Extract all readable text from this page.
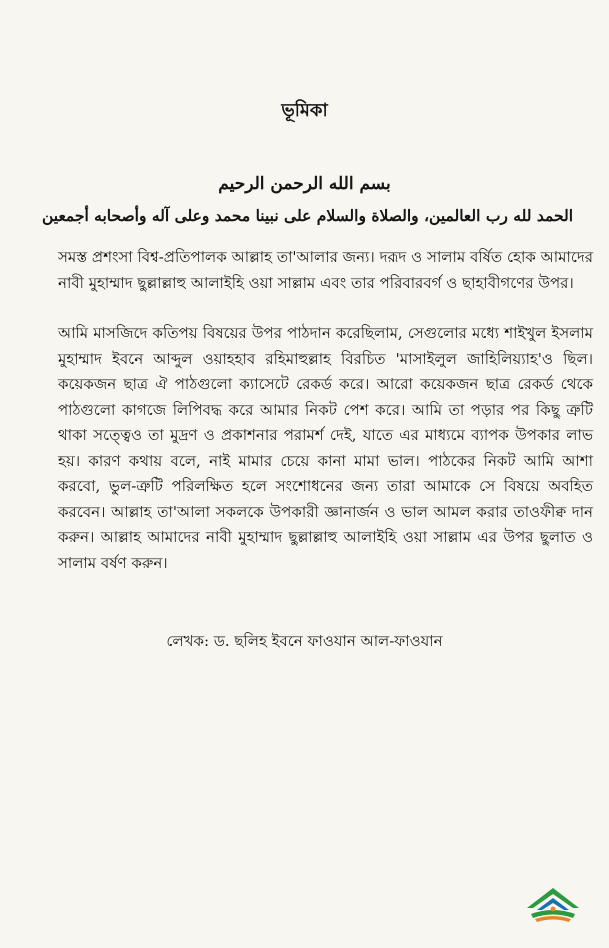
ভূমিকা
بسم الله الرحمن الرحيم
الحمد لله رب العالمين، والصلاة والسلام على نبينا محمد وعلى آله وأصحابه أجمعين
সমস্ত প্রশংসা বিশ্ব-প্রতিপালক আল্লাহ তা'আলার জন্য। দরূদ ও সালাম বর্ষিত হোক আমাদের নাবী মুহাম্মাদ ছুল্লাল্লাহু আলাইহি ওয়া সাল্লাম এবং তার পরিবারবর্গ ও ছাহাবীগণের উপর।
আমি মাসজিদে কতিপয় বিষয়ের উপর পাঠদান করেছিলাম, সেগুলোর মধ্যে শাইখুল ইসলাম মুহাম্মাদ ইবনে আব্দুল ওয়াহহাব রহিমাহুল্লাহ বিরচিত 'মাসাইলুল জাহিলিয়্যাহ'ও ছিল। কয়েকজন ছাত্র ঐ পাঠগুলো ক্যাসেটে রেকর্ড করে। আরো কয়েকজন ছাত্র রেকর্ড থেকে পাঠগুলো কাগজে লিপিবদ্ধ করে আমার নিকট পেশ করে। আমি তা পড়ার পর কিছু ত্রুটি থাকা সত্ত্বেও তা মুদ্রণ ও প্রকাশনার পরামর্শ দেই, যাতে এর মাধ্যমে ব্যাপক উপকার লাভ হয়। কারণ কথায় বলে, নাই মামার চেয়ে কানা মামা ভাল। পাঠকের নিকট আমি আশা করবো, ভুল-ত্রুটি পরিলক্ষিত হলে সংশোধনের জন্য তারা আমাকে সে বিষয়ে অবহিত করবেন। আল্লাহ তা'আলা সকলকে উপকারী জ্ঞানার্জন ও ভাল আমল করার তাওফীক্ব দান করুন। আল্লাহ আমাদের নাবী মুহাম্মাদ ছুল্লাল্লাহু আলাইহি ওয়া সাল্লাম এর উপর ছুলাত ও সালাম বর্ষণ করুন।
লেখক: ড. ছলিহ ইবনে ফাওযান আল-ফাওযান
